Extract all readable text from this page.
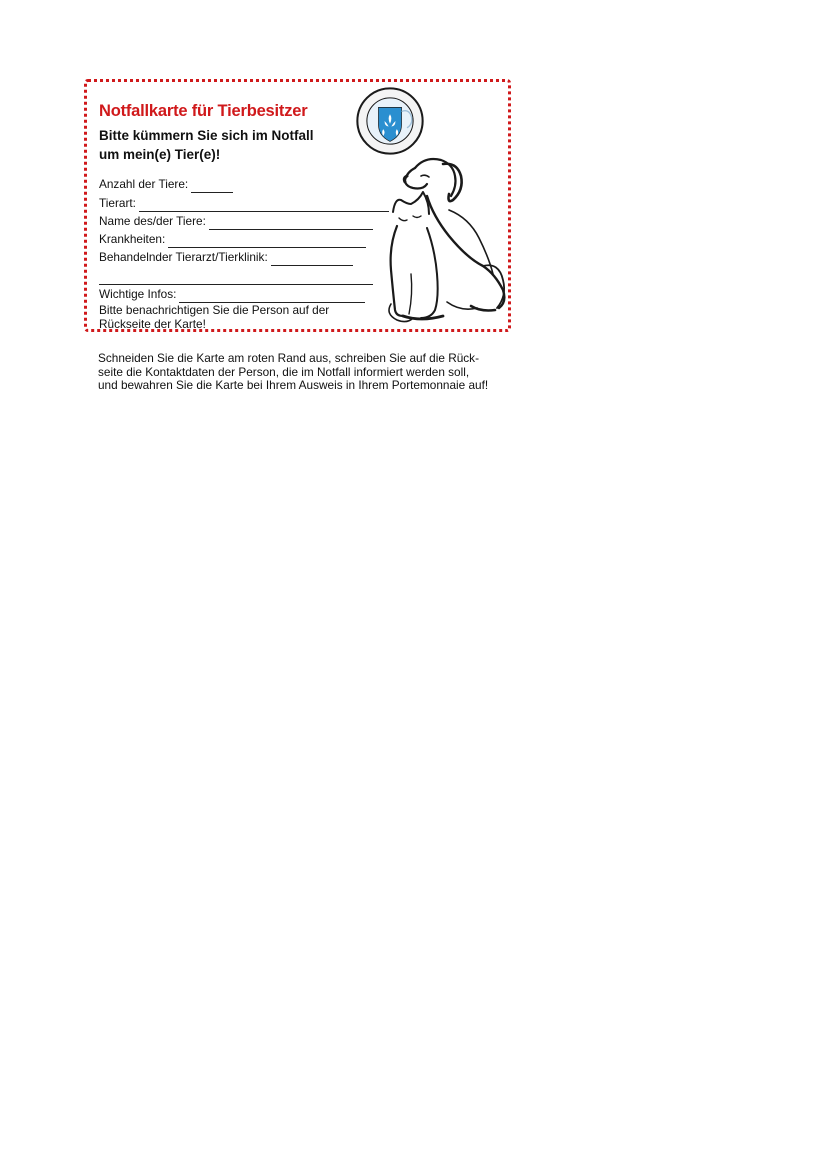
Notfallkarte für Tierbesitzer
Bitte kümmern Sie sich im Notfall
um mein(e) Tier(e)!
Anzahl der Tiere:
Tierart:
Name des/der Tiere:
Krankheiten:
Behandelnder Tierarzt/Tierklinik:
Wichtige Infos:

Bitte benachrichtigen Sie die Person auf der
Rückseite der Karte!

Schneiden Sie die Karte am roten Rand aus, schreiben Sie auf die Rück-
seite die Kontaktdaten der Person, die im Notfall informiert werden soll,
und bewahren Sie die Karte bei Ihrem Ausweis in Ihrem Portemonnaie auf!
